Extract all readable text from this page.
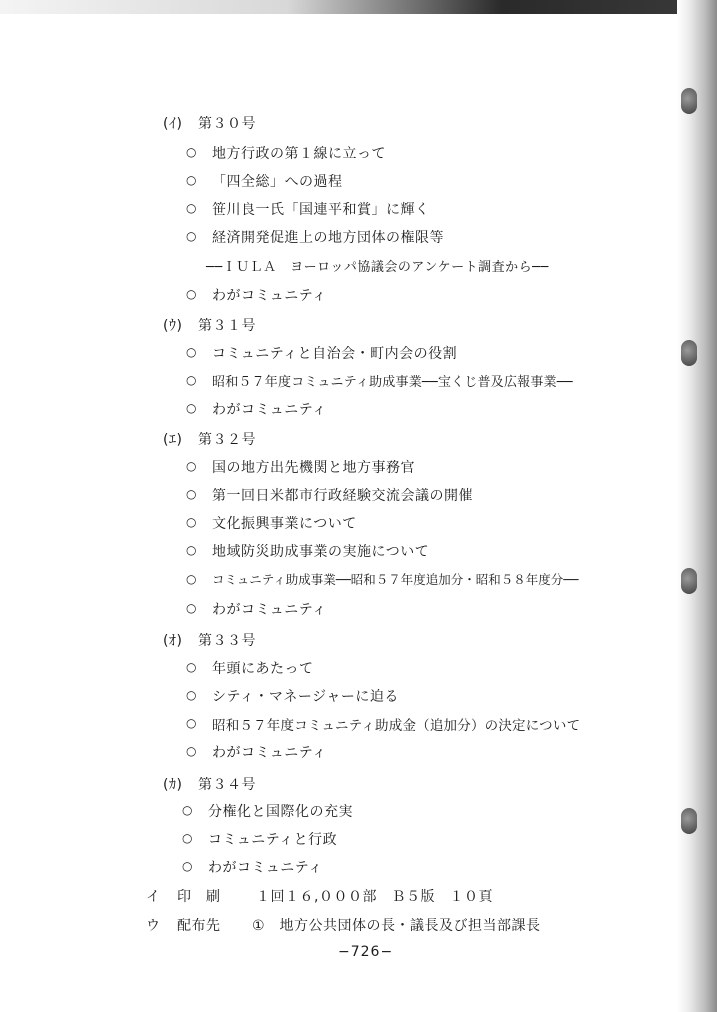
(ｲ) 第３０号
○ 地方行政の第１線に立って
○ 「四全総」への過程
○ 笹川良一氏「国連平和賞」に輝く
○ 経済開発促進上の地方団体の権限等
──ＩＵＬＡ　ヨーロッパ協議会のアンケート調査から──
○ わがコミュニティ
(ｳ) 第３１号
○ コミュニティと自治会・町内会の役割
○ 昭和５７年度コミュニティ助成事業──宝くじ普及広報事業──
○ わがコミュニティ
(ｴ) 第３２号
○ 国の地方出先機関と地方事務官
○ 第一回日米都市行政経験交流会議の開催
○ 文化振興事業について
○ 地域防災助成事業の実施について
○ コミュニティ助成事業──昭和５７年度追加分・昭和５８年度分──
○ わがコミュニティ
(ｵ) 第３３号
○ 年頭にあたって
○ シティ・マネージャーに迫る
○ 昭和５７年度コミュニティ助成金（追加分）の決定について
○ わがコミュニティ
(ｶ) 第３４号
○ 分権化と国際化の充実
○ コミュニティと行政
○ わがコミュニティ
イ 印　刷	１回１６,０００部　Ｂ５版　１０頁
ウ 配布先 ①　地方公共団体の長・議長及び担当部課長
−726−
